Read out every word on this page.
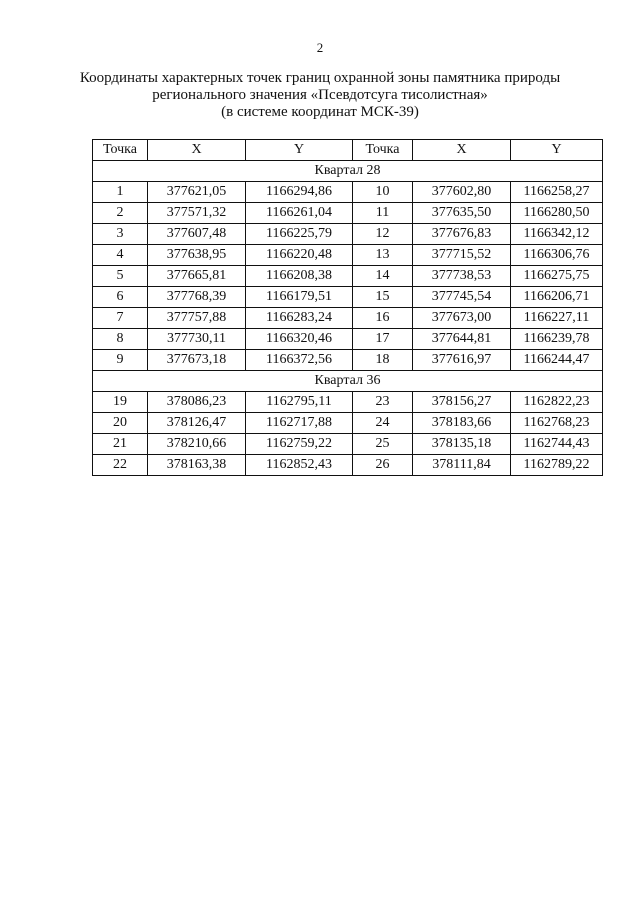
2
Координаты характерных точек границ охранной зоны памятника природы
регионального значения «Псевдотсуга тисолистная»
(в системе координат МСК-39)
Точка	X	Y	Точка	X	Y
Квартал 28					
1	377621,05	1166294,86	10	377602,80	1166258,27
2	377571,32	1166261,04	11	377635,50	1166280,50
3	377607,48	1166225,79	12	377676,83	1166342,12
4	377638,95	1166220,48	13	377715,52	1166306,76
5	377665,81	1166208,38	14	377738,53	1166275,75
6	377768,39	1166179,51	15	377745,54	1166206,71
7	377757,88	1166283,24	16	377673,00	1166227,11
8	377730,11	1166320,46	17	377644,81	1166239,78
9	377673,18	1166372,56	18	377616,97	1166244,47
Квартал 36					
19	378086,23	1162795,11	23	378156,27	1162822,23
20	378126,47	1162717,88	24	378183,66	1162768,23
21	378210,66	1162759,22	25	378135,18	1162744,43
22	378163,38	1162852,43	26	378111,84	1162789,22
